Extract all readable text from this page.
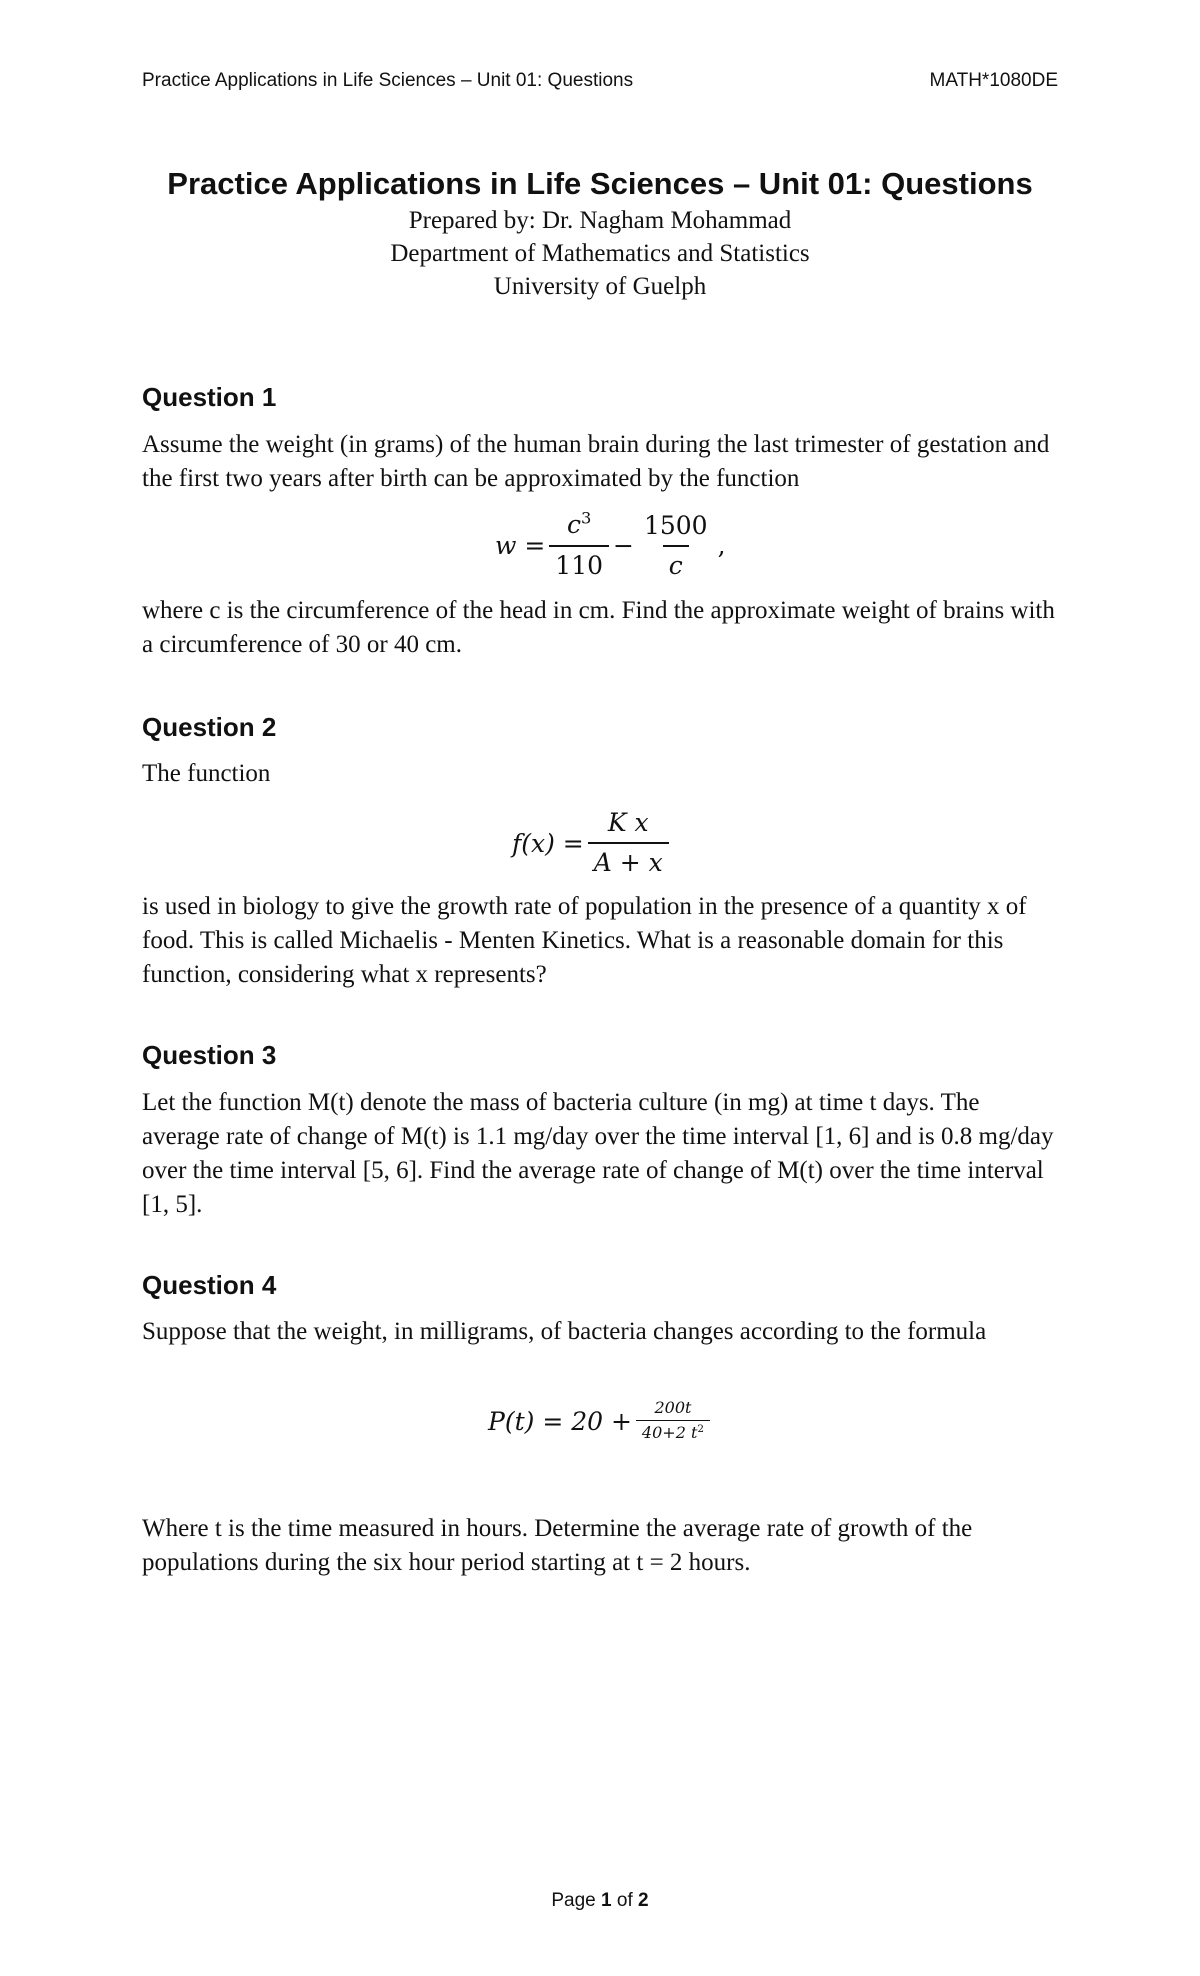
Practice Applications in Life Sciences – Unit 01: Questions	MATH*1080DE
Practice Applications in Life Sciences – Unit 01: Questions

Prepared by: Dr. Nagham Mohammad

Department of Mathematics and Statistics

University of Guelph

Question 1

Assume the weight (in grams) of the human brain during the last trimester of gestation and the first two years after birth can be approximated by the function

$w = \frac{c^3}{110} - \frac{1500}{c}$ ,

where c is the circumference of the head in cm. Find the approximate weight of brains with a circumference of 30 or 40 cm.

Question 2

The function

$f(x) = \frac{\text{K x}}{A + x}$

is used in biology to give the growth rate of population in the presence of a quantity x of food. This is called Michaelis - Menten Kinetics. What is a reasonable domain for this function, considering what x represents?

Question 3

Let the function M(t) denote the mass of bacteria culture (in mg) at time t days. The average rate of change of M(t) is 1.1 mg/day over the time interval [1, 6] and is 0.8 mg/day over the time interval [5, 6]. Find the average rate of change of M(t) over the time interval [1, 5].

Question 4

Suppose that the weight, in milligrams, of bacteria changes according to the formula

$P(t) = 20 + \frac{200t}{40+2 t^2}$

Where t is the time measured in hours. Determine the average rate of growth of the populations during the six hour period starting at t = 2 hours.

Page 1 of 2
